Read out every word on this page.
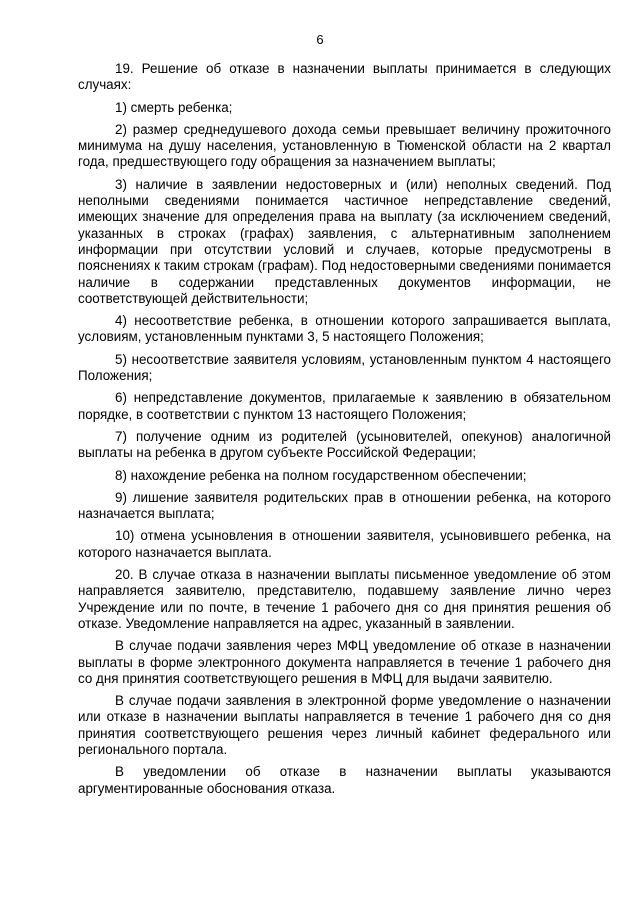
6

19. Решение об отказе в назначении выплаты принимается в следующих случаях:

1) смерть ребенка;

2) размер среднедушевого дохода семьи превышает величину прожиточного минимума на душу населения, установленную в Тюменской области на 2 квартал года, предшествующего году обращения за назначением выплаты;

3) наличие в заявлении недостоверных и (или) неполных сведений. Под неполными сведениями понимается частичное непредставление сведений, имеющих значение для определения права на выплату (за исключением сведений, указанных в строках (графах) заявления, с альтернативным заполнением информации при отсутствии условий и случаев, которые предусмотрены в пояснениях к таким строкам (графам). Под недостоверными сведениями понимается наличие в содержании представленных документов информации, не соответствующей действительности;

4) несоответствие ребенка, в отношении которого запрашивается выплата, условиям, установленным пунктами 3, 5 настоящего Положения;

5) несоответствие заявителя условиям, установленным пунктом 4 настоящего Положения;

6) непредставление документов, прилагаемые к заявлению в обязательном порядке, в соответствии с пунктом 13 настоящего Положения;

7) получение одним из родителей (усыновителей, опекунов) аналогичной выплаты на ребенка в другом субъекте Российской Федерации;

8) нахождение ребенка на полном государственном обеспечении;

9) лишение заявителя родительских прав в отношении ребенка, на которого назначается выплата;

10) отмена усыновления в отношении заявителя, усыновившего ребенка, на которого назначается выплата.

20. В случае отказа в назначении выплаты письменное уведомление об этом направляется заявителю, представителю, подавшему заявление лично через Учреждение или по почте, в течение 1 рабочего дня со дня принятия решения об отказе. Уведомление направляется на адрес, указанный в заявлении.

В случае подачи заявления через МФЦ уведомление об отказе в назначении выплаты в форме электронного документа направляется в течение 1 рабочего дня со дня принятия соответствующего решения в МФЦ для выдачи заявителю.

В случае подачи заявления в электронной форме уведомление о назначении или отказе в назначении выплаты направляется в течение 1 рабочего дня со дня принятия соответствующего решения через личный кабинет федерального или регионального портала.

В уведомлении об отказе в назначении выплаты указываются аргументированные обоснования отказа.
